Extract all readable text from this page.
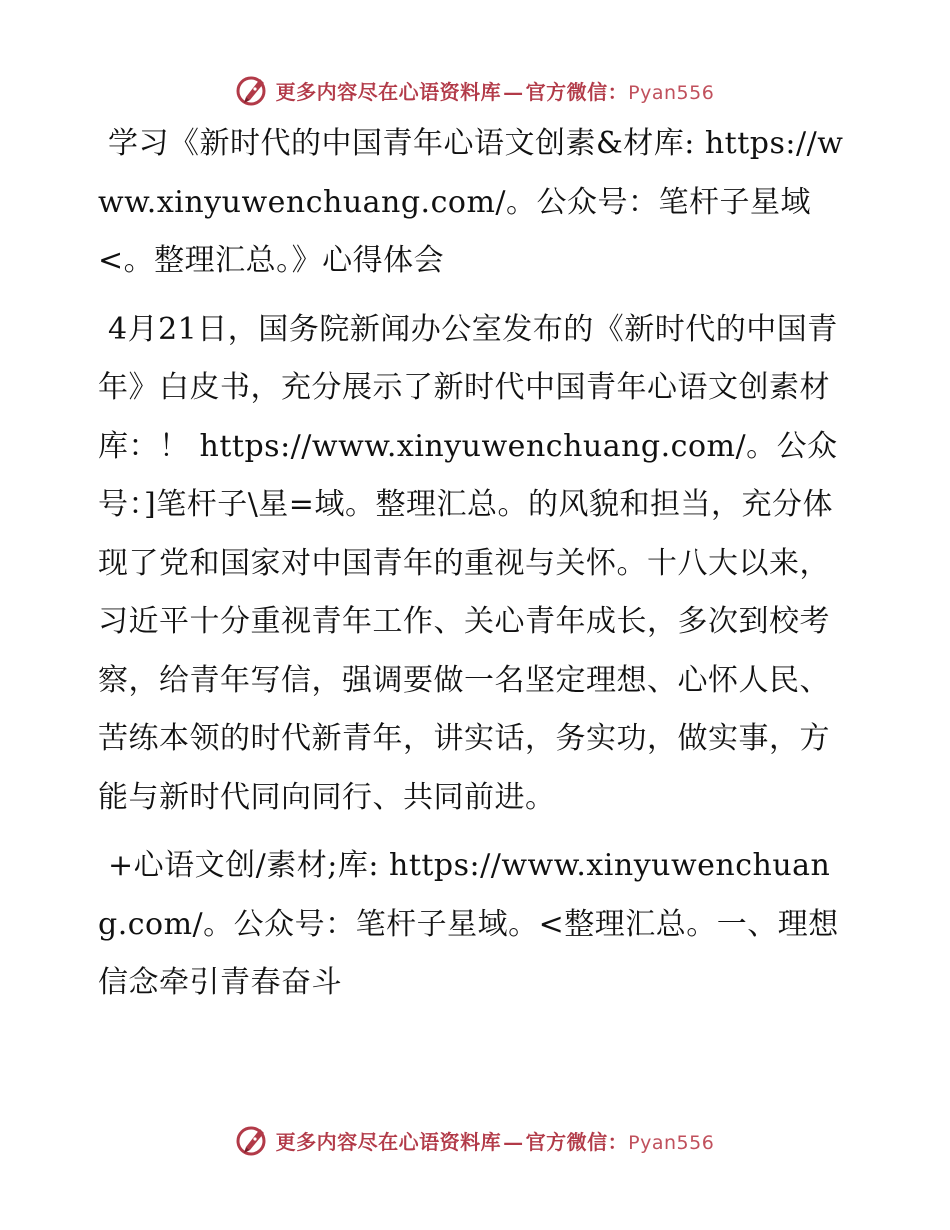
更多内容尽在心语资料库 — 官方微信：Pyan556

学习《新时代的中国青年心语文创素&材库: https://www.xinyuwenchuang.com/。公众号：笔杆子星域<。整理汇总。》心得体会

4月21日，国务院新闻办公室发布的《新时代的中国青年》白皮书，充分展示了新时代中国青年心语文创素材库：！ https://www.xinyuwenchuang.com/。公众号：]笔杆子\星=域。整理汇总。的风貌和担当，充分体现了党和国家对中国青年的重视与关怀。十八大以来，习近平十分重视青年工作、关心青年成长，多次到校考察，给青年写信，强调要做一名坚定理想、心怀人民、苦练本领的时代新青年，讲实话，务实功，做实事，方能与新时代同向同行、共同前进。

+心语文创/素材;库: https://www.xinyuwenchuang.com/。公众号：笔杆子星域。<整理汇总。一、理想信念牵引青春奋斗

更多内容尽在心语资料库 — 官方微信：Pyan556
